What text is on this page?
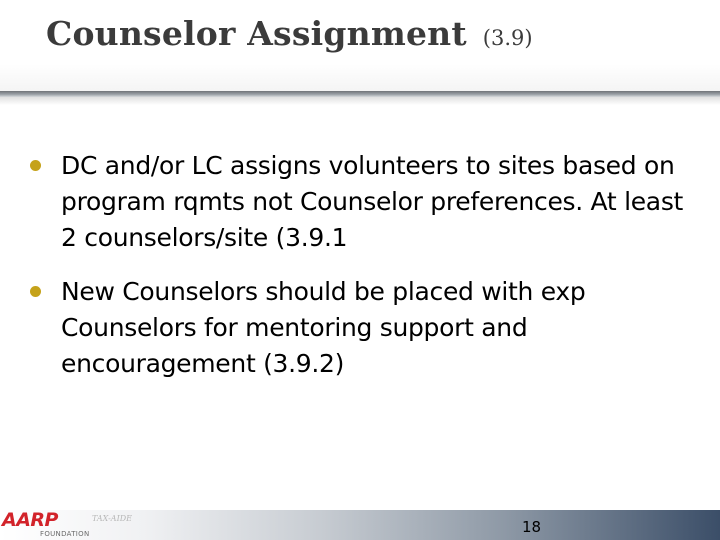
Counselor Assignment (3.9)
DC and/or LC assigns volunteers to sites based on program rqmts not Counselor preferences. At least 2 counselors/site (3.9.1
New Counselors should be placed with exp Counselors for mentoring support and encouragement (3.9.2)
AARP
FOUNDATION
TAX-AIDE	18
